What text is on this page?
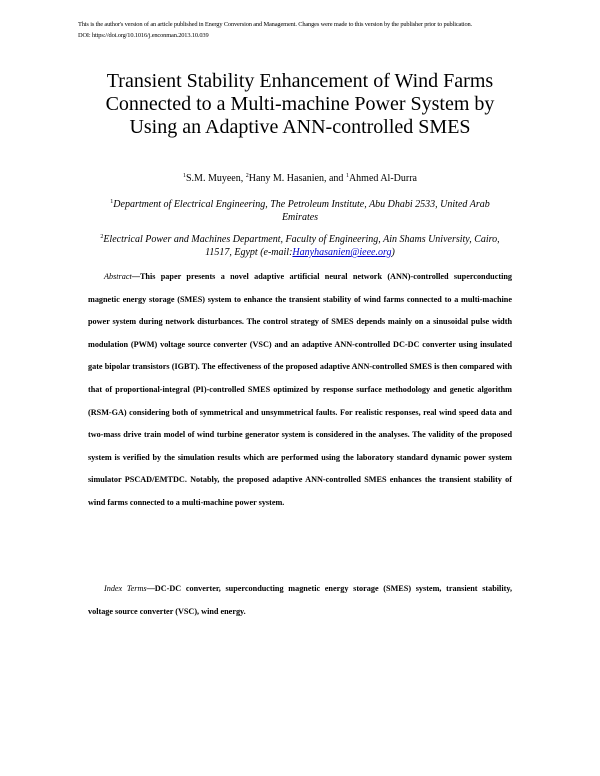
This is the author's version of an article published in Energy Conversion and Management. Changes were made to this version by the publisher prior to publication.
DOI: https://doi.org/10.1016/j.enconman.2013.10.039
Transient Stability Enhancement of Wind Farms
Connected to a Multi-machine Power System by
Using an Adaptive ANN-controlled SMES
$^1$S.M. Muyeen, $^2$Hany M. Hasanien, and $^1$Ahmed Al-Durra
$^1$Department of Electrical Engineering, The Petroleum Institute, Abu Dhabi 2533, United Arab Emirates
$^2$Electrical Power and Machines Department, Faculty of Engineering, Ain Shams University, Cairo, 11517, Egypt (e-mail:Hanyhasanien@ieee.org)

Abstract—This paper presents a novel adaptive artificial neural network (ANN)-controlled superconducting magnetic energy storage (SMES) system to enhance the transient stability of wind farms connected to a multi-machine power system during network disturbances. The control strategy of SMES depends mainly on a sinusoidal pulse width modulation (PWM) voltage source converter (VSC) and an adaptive ANN-controlled DC-DC converter using insulated gate bipolar transistors (IGBT). The effectiveness of the proposed adaptive ANN-controlled SMES is then compared with that of proportional-integral (PI)-controlled SMES optimized by response surface methodology and genetic algorithm (RSM-GA) considering both of symmetrical and unsymmetrical faults. For realistic responses, real wind speed data and two-mass drive train model of wind turbine generator system is considered in the analyses. The validity of the proposed system is verified by the simulation results which are performed using the laboratory standard dynamic power system simulator PSCAD/EMTDC. Notably, the proposed adaptive ANN-controlled SMES enhances the transient stability of wind farms connected to a multi-machine power system.

Index Terms—DC-DC converter, superconducting magnetic energy storage (SMES) system, transient stability, voltage source converter (VSC), wind energy.
